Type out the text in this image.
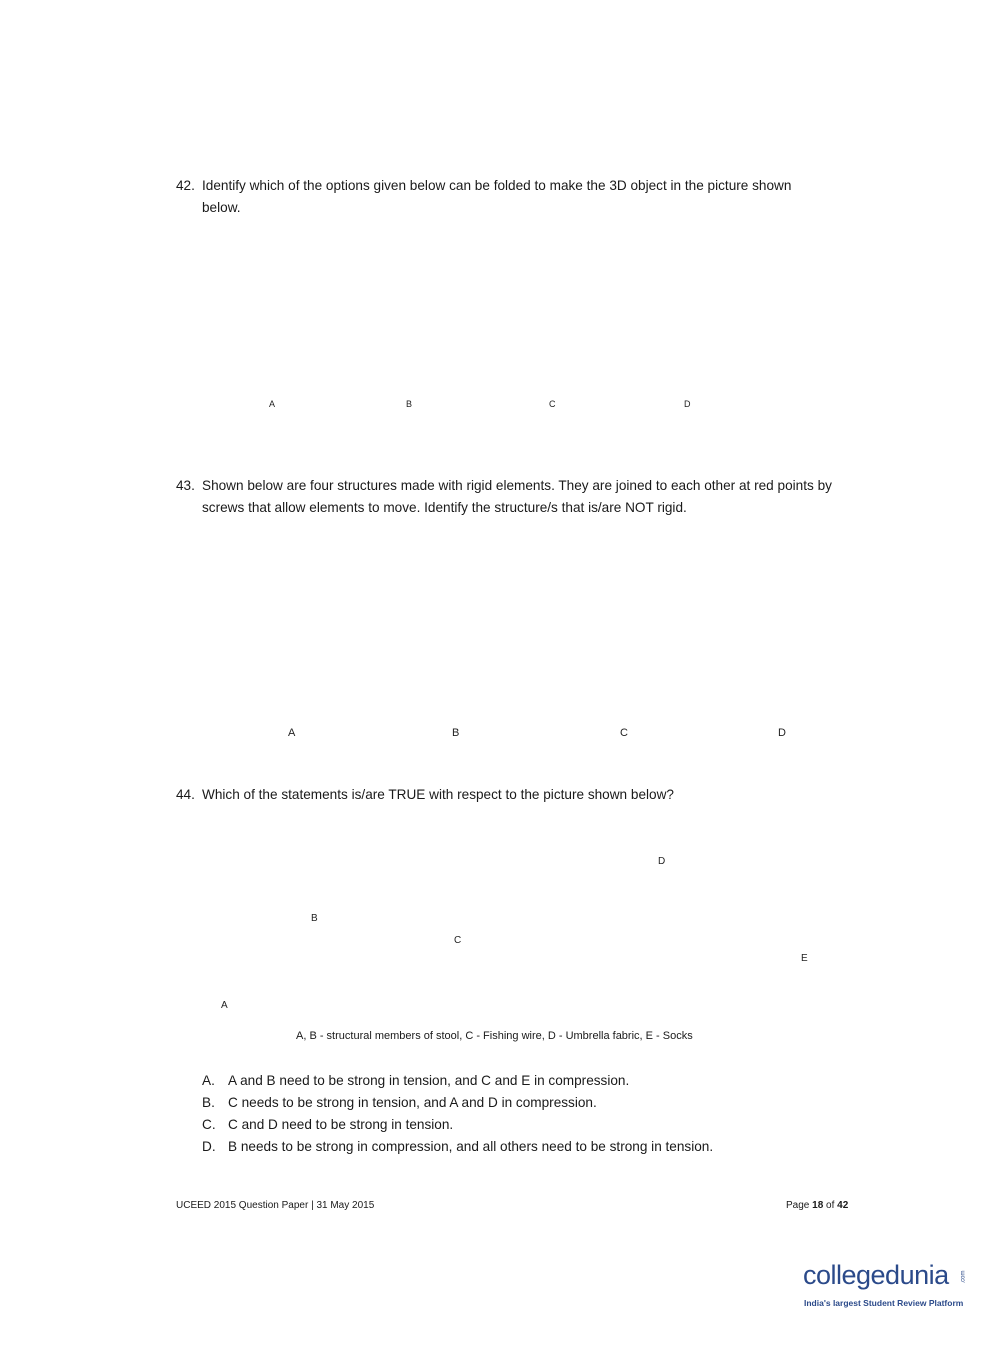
42. Identify which of the options given below can be folded to make the 3D object in the picture shown below.
A	B	C	D
43. Shown below are four structures made with rigid elements. They are joined to each other at red points by screws that allow elements to move. Identify the structure/s that is/are NOT rigid.
A	B	C	D
44. Which of the statements is/are TRUE with respect to the picture shown below?
A
B
C
D
E
A, B - structural members of stool, C - Fishing wire, D - Umbrella fabric, E - Socks
A. A and B need to be strong in tension, and C and E in compression.
B. C needs to be strong in tension, and A and D in compression.
C. C and D need to be strong in tension.
D. B needs to be strong in compression, and all others need to be strong in tension.
UCEED 2015 Question Paper | 31 May 2015	Page 18 of 42
collegedunia .com
India's largest Student Review Platform
